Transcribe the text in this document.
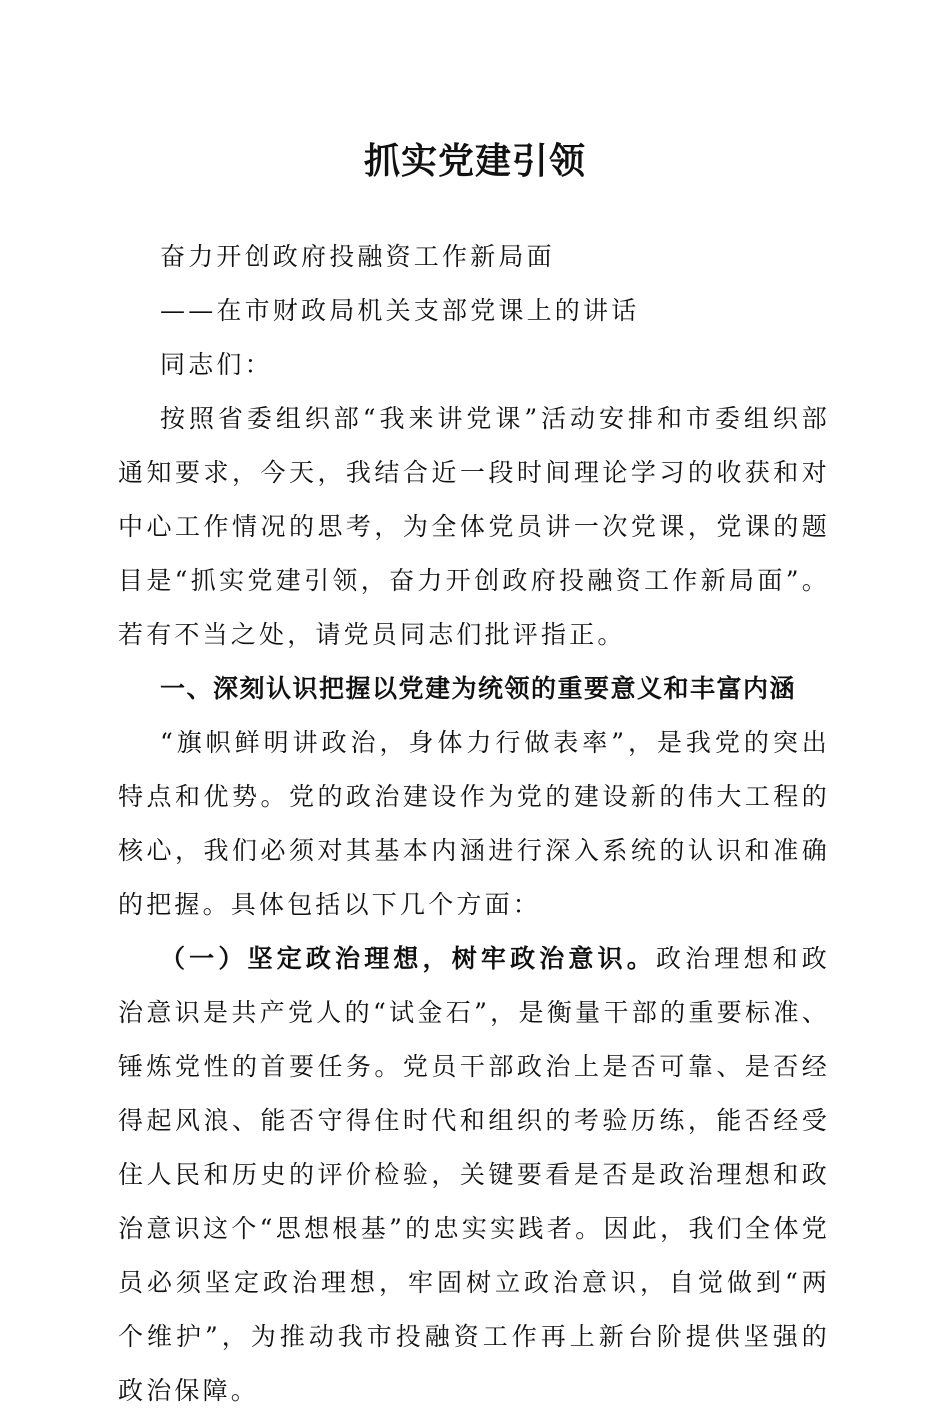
抓实党建引领

奋力开创政府投融资工作新局面

——在市财政局机关支部党课上的讲话

同志们：

按照省委组织部“我来讲党课”活动安排和市委组织部通知要求，今天，我结合近一段时间理论学习的收获和对中心工作情况的思考，为全体党员讲一次党课，党课的题目是“抓实党建引领，奋力开创政府投融资工作新局面”。若有不当之处，请党员同志们批评指正。

一、深刻认识把握以党建为统领的重要意义和丰富内涵

“旗帜鲜明讲政治，身体力行做表率”，是我党的突出特点和优势。党的政治建设作为党的建设新的伟大工程的核心，我们必须对其基本内涵进行深入系统的认识和准确的把握。具体包括以下几个方面：

（一）坚定政治理想，树牢政治意识。政治理想和政治意识是共产党人的“试金石”，是衡量干部的重要标准、锤炼党性的首要任务。党员干部政治上是否可靠、是否经得起风浪、能否守得住时代和组织的考验历练，能否经受住人民和历史的评价检验，关键要看是否是政治理想和政治意识这个“思想根基”的忠实实践者。因此，我们全体党员必须坚定政治理想，牢固树立政治意识，自觉做到“两个维护”，为推动我市投融资工作再上新台阶提供坚强的政治保障。
